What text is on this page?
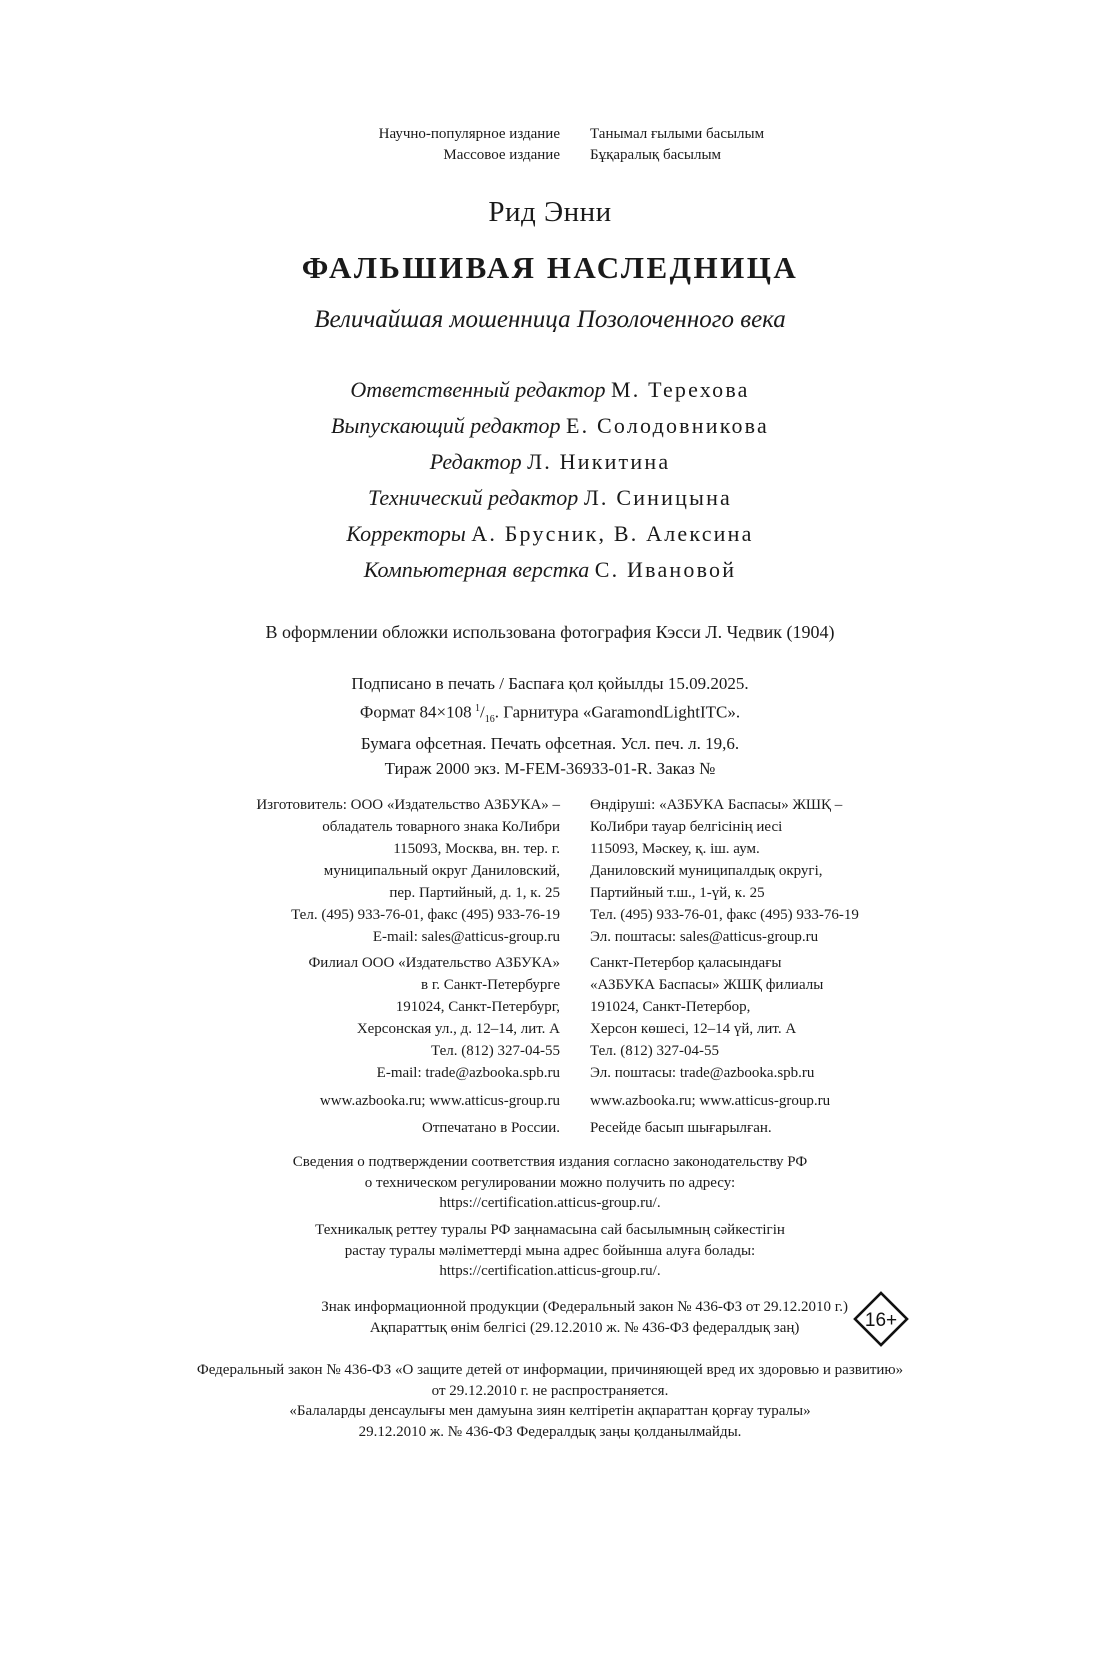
Научно-популярное издание
Массовое издание
Танымал ғылыми басылым
Бұқаралық басылым
Рид Энни
ФАЛЬШИВАЯ НАСЛЕДНИЦА
Величайшая мошенница Позолоченного века
Ответственный редактор М. Терехова
Выпускающий редактор Е. Солодовникова
Редактор Л. Никитина
Технический редактор Л. Синицына
Корректоры А. Брусник, В. Алексина
Компьютерная верстка С. Ивановой
В оформлении обложки использована фотография Кэсси Л. Чедвик (1904)
Подписано в печать / Баспаға қол қойылды 15.09.2025.
Формат 84×108  $^1/_{16}$. Гарнитура «GaramondLightITC».
Бумага офсетная. Печать офсетная. Усл. печ. л. 19,6.
Тираж 2000 экз. M-FEM-36933-01-R. Заказ №
Изготовитель: ООО «Издательство АЗБУКА» –
обладатель товарного знака КоЛибри
115093, Москва, вн. тер. г.
муниципальный округ Даниловский,
пер. Партийный, д. 1, к. 25
Тел. (495) 933-76-01, факс (495) 933-76-19
E-mail: sales@atticus-group.ru
Өндіруші: «АЗБУКА Баспасы» ЖШҚ –
КоЛибри тауар белгісінің иесі
115093, Мәскеу, қ. іш. аум.
Даниловский муниципалдық округі,
Партийный т.ш., 1-үй, к. 25
Тел. (495) 933-76-01, факс (495) 933-76-19
Эл. поштасы: sales@atticus-group.ru
Филиал ООО «Издательство АЗБУКА»
в г. Санкт-Петербурге
191024, Санкт-Петербург,
Херсонская ул., д. 12–14, лит. А
Тел. (812) 327-04-55
E-mail: trade@azbooka.spb.ru
Санкт-Петербор қаласындағы
«АЗБУКА Баспасы» ЖШҚ филиалы
191024, Санкт-Петербор,
Херсон көшесі, 12–14 үй, лит. А
Тел. (812) 327-04-55
Эл. поштасы: trade@azbooka.spb.ru
www.azbooka.ru; www.atticus-group.ru www.azbooka.ru; www.atticus-group.ru
Отпечатано в России. Ресейде басып шығарылған.
Сведения о подтверждении соответствия издания согласно законодательству РФ
о техническом регулировании можно получить по адресу:
https://certification.atticus-group.ru/.
Техникалық реттеу туралы РФ заңнамасына сай басылымның сәйкестігін
растау туралы мәліметтерді мына адрес бойынша алуға болады:
https://certification.atticus-group.ru/.
Знак информационной продукции (Федеральный закон № 436-ФЗ от 29.12.2010 г.)
Ақпараттық өнім белгісі (29.12.2010 ж. № 436-ФЗ федералдық заң)	16+
Федеральный закон № 436-ФЗ «О защите детей от информации, причиняющей вред их здоровью и развитию»
от 29.12.2010 г. не распространяется.
«Балаларды денсаулығы мен дамуына зиян келтіретін ақпараттан қорғау туралы»
29.12.2010 ж. № 436-ФЗ Федералдық заңы қолданылмайды.
